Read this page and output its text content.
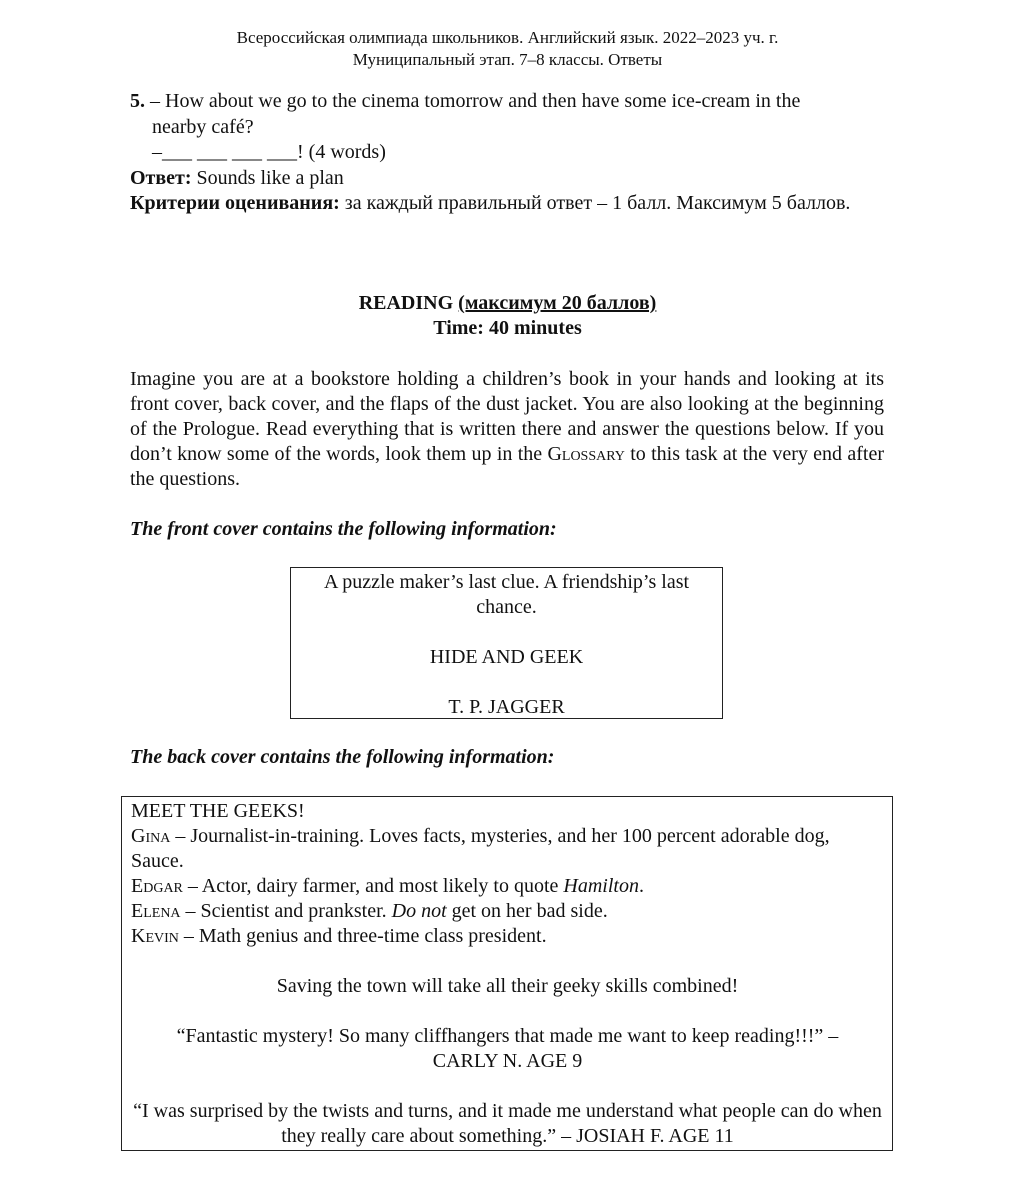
Всероссийская олимпиада школьников. Английский язык. 2022–2023 уч. г.
Муниципальный этап. 7–8 классы. Ответы
5. – How about we go to the cinema tomorrow and then have some ice-cream in the
nearby café?
–___ ___ ___ ___! (4 words)
Ответ: Sounds like a plan
Критерии оценивания: за каждый правильный ответ – 1 балл. Максимум 5 баллов.
READING (максимум 20 баллов)
Time: 40 minutes
Imagine you are at a bookstore holding a children’s book in your hands and looking at its front cover, back cover, and the flaps of the dust jacket. You are also looking at the beginning of the Prologue. Read everything that is written there and answer the questions below. If you don’t know some of the words, look them up in the Glossary to this task at the very end after the questions.
The front cover contains the following information:
A puzzle maker’s last clue. A friendship’s last chance.
HIDE AND GEEK
T. P. JAGGER
The back cover contains the following information:
MEET THE GEEKS!
Gina – Journalist-in-training. Loves facts, mysteries, and her 100 percent adorable dog, Sauce.
Edgar – Actor, dairy farmer, and most likely to quote Hamilton.
Elena – Scientist and prankster. Do not get on her bad side.
Kevin – Math genius and three-time class president.
Saving the town will take all their geeky skills combined!
“Fantastic mystery! So many cliffhangers that made me want to keep reading!!!” – CARLY N. AGE 9
“I was surprised by the twists and turns, and it made me understand what people can do when they really care about something.” – JOSIAH F. AGE 11
